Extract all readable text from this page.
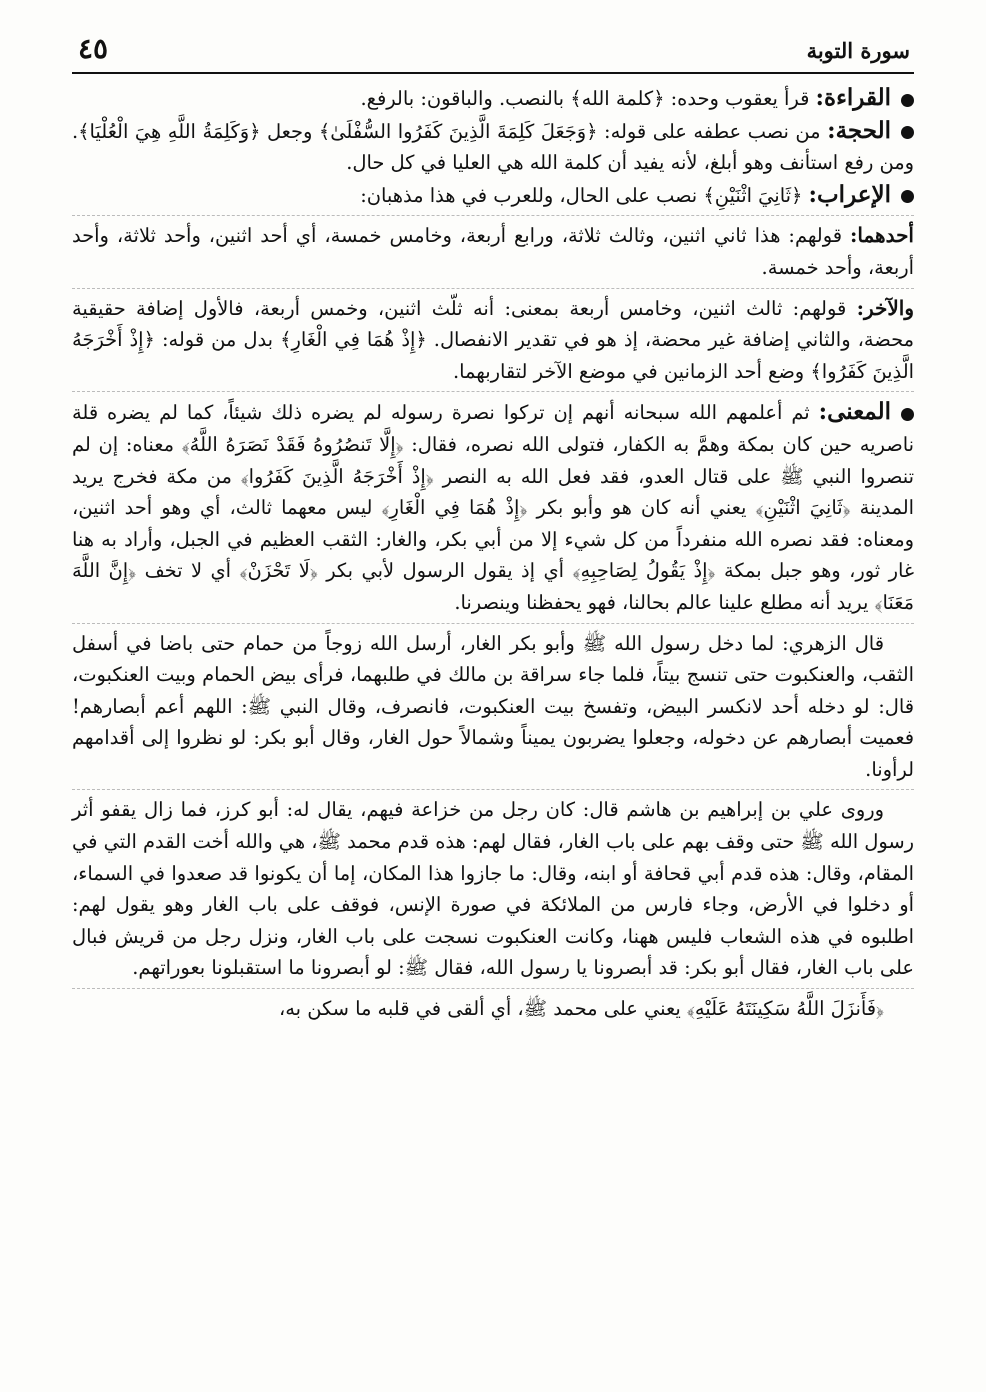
٤٥	سورة التوبة

القراءة: قرأ يعقوب وحده: ﴿كلمة الله﴾ بالنصب. والباقون: بالرفع.

الحجة: من نصب عطفه على قوله: ﴿وَجَعَلَ كَلِمَةَ الَّذِينَ كَفَرُوا السُّفْلَىٰ﴾ وجعل ﴿وَكَلِمَةُ اللَّهِ هِيَ الْعُلْيَا﴾. ومن رفع استأنف وهو أبلغ، لأنه يفيد أن كلمة الله هي العليا في كل حال.

الإعراب: ﴿ثَانِيَ اثْنَيْنِ﴾ نصب على الحال، وللعرب في هذا مذهبان:

أحدهما: قولهم: هذا ثاني اثنين، وثالث ثلاثة، ورابع أربعة، وخامس خمسة، أي أحد اثنين، وأحد ثلاثة، وأحد أربعة، وأحد خمسة.

والآخر: قولهم: ثالث اثنين، وخامس أربعة بمعنى: أنه ثلّث اثنين، وخمس أربعة، فالأول إضافة حقيقية محضة، والثاني إضافة غير محضة، إذ هو في تقدير الانفصال. ﴿إِذْ هُمَا فِي الْغَارِ﴾ بدل من قوله: ﴿إِذْ أَخْرَجَهُ الَّذِينَ كَفَرُوا﴾ وضع أحد الزمانين في موضع الآخر لتقاربهما.

المعنى: ثم أعلمهم الله سبحانه أنهم إن تركوا نصرة رسوله لم يضره ذلك شيئاً، كما لم يضره قلة ناصريه حين كان بمكة وهمَّ به الكفار، فتولى الله نصره، فقال: ﴿إِلَّا تَنصُرُوهُ فَقَدْ نَصَرَهُ اللَّهُ﴾ معناه: إن لم تنصروا النبي ﷺ على قتال العدو، فقد فعل الله به النصر ﴿إِذْ أَخْرَجَهُ الَّذِينَ كَفَرُوا﴾ من مكة فخرج يريد المدينة ﴿ثَانِيَ اثْنَيْنِ﴾ يعني أنه كان هو وأبو بكر ﴿إِذْ هُمَا فِي الْغَارِ﴾ ليس معهما ثالث، أي وهو أحد اثنين، ومعناه: فقد نصره الله منفرداً من كل شيء إلا من أبي بكر، والغار: الثقب العظيم في الجبل، وأراد به هنا غار ثور، وهو جبل بمكة ﴿إِذْ يَقُولُ لِصَاحِبِهِ﴾ أي إذ يقول الرسول لأبي بكر ﴿لَا تَحْزَنْ﴾ أي لا تخف ﴿إِنَّ اللَّهَ مَعَنَا﴾ يريد أنه مطلع علينا عالم بحالنا، فهو يحفظنا وينصرنا.

قال الزهري: لما دخل رسول الله ﷺ وأبو بكر الغار، أرسل الله زوجاً من حمام حتى باضا في أسفل الثقب، والعنكبوت حتى تنسج بيتاً، فلما جاء سراقة بن مالك في طلبهما، فرأى بيض الحمام وبيت العنكبوت، قال: لو دخله أحد لانكسر البيض، وتفسخ بيت العنكبوت، فانصرف، وقال النبي ﷺ: اللهم أعم أبصارهم! فعميت أبصارهم عن دخوله، وجعلوا يضربون يميناً وشمالاً حول الغار، وقال أبو بكر: لو نظروا إلى أقدامهم لرأونا.

وروى علي بن إبراهيم بن هاشم قال: كان رجل من خزاعة فيهم، يقال له: أبو كرز، فما زال يقفو أثر رسول الله ﷺ حتى وقف بهم على باب الغار، فقال لهم: هذه قدم محمد ﷺ، هي والله أخت القدم التي في المقام، وقال: هذه قدم أبي قحافة أو ابنه، وقال: ما جازوا هذا المكان، إما أن يكونوا قد صعدوا في السماء، أو دخلوا في الأرض، وجاء فارس من الملائكة في صورة الإنس، فوقف على باب الغار وهو يقول لهم: اطلبوه في هذه الشعاب فليس ههنا، وكانت العنكبوت نسجت على باب الغار، ونزل رجل من قريش فبال على باب الغار، فقال أبو بكر: قد أبصرونا يا رسول الله، فقال ﷺ: لو أبصرونا ما استقبلونا بعوراتهم.

﴿فَأَنزَلَ اللَّهُ سَكِينَتَهُ عَلَيْهِ﴾ يعني على محمد ﷺ، أي ألقى في قلبه ما سكن به،
